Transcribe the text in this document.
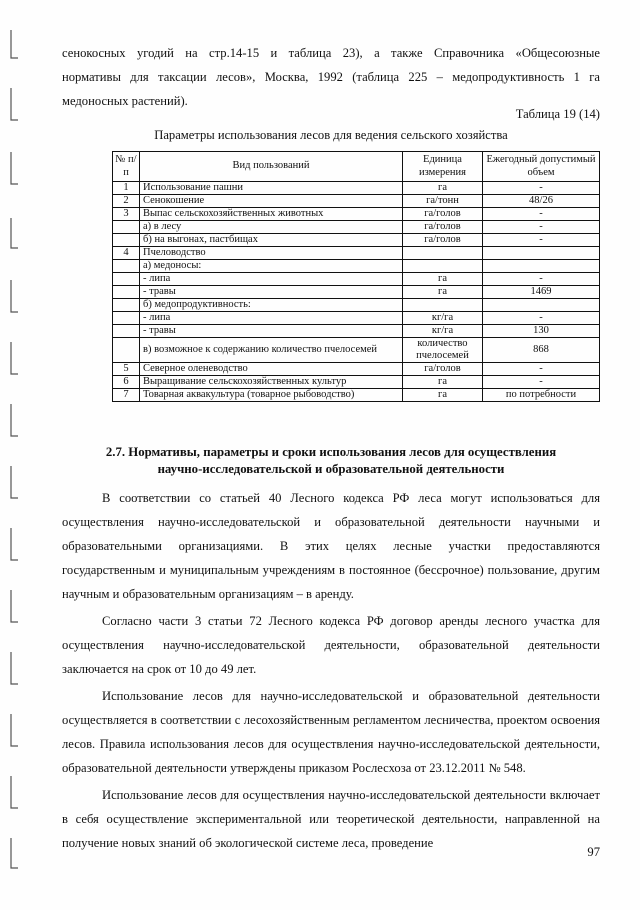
сенокосных угодий на стр.14-15 и таблица 23), а также Справочника «Общесоюзные

нормативы для таксации лесов», Москва, 1992 (таблица 225 – медопродуктивность 1 га

медоносных растений).

Таблица 19 (14)
Параметры использования лесов для ведения сельского хозяйства
№ п/п	Вид пользований	Единица измерения	Ежегодный допустимый объем
1	Использование пашни	га	-
2	Сенокошение	га/тонн	48/26
3	Выпас сельскохозяйственных животных	га/голов	-
	а) в лесу	га/голов	-
	б) на выгонах, пастбищах	га/голов	-
4	Пчеловодство		
	а) медоносы:		
	- липа	га	-
	- травы	га	1469
	б) медопродуктивность:		
	- липа	кг/га	-
	- травы	кг/га	130
	в) возможное к содержанию количество пчелосемей	количество пчелосемей	868
5	Северное оленеводство	га/голов	-
6	Выращивание сельскохозяйственных культур	га	-
7	Товарная аквакультура (товарное рыбоводство)	га	по потребности
2.7. Нормативы, параметры и сроки использования лесов для осуществления
научно-исследовательской и образовательной деятельности

В соответствии со статьей 40 Лесного кодекса РФ леса могут использоваться для осуществления научно-исследовательской и образовательной деятельности научными и образовательными организациями. В этих целях лесные участки предоставляются государственным и муниципальным учреждениям в постоянное (бессрочное) пользование, другим научным и образовательным организациям – в аренду.

Согласно части 3 статьи 72 Лесного кодекса РФ договор аренды лесного участка для осуществления научно-исследовательской деятельности, образовательной деятельности заключается на срок от 10 до 49 лет.

Использование лесов для научно-исследовательской и образовательной деятельности осуществляется в соответствии с лесохозяйственным регламентом лесничества, проектом освоения лесов. Правила использования лесов для осуществления научно-исследовательской деятельности, образовательной деятельности утверждены приказом Рослесхоза от 23.12.2011 № 548.

Использование лесов для осуществления научно-исследовательской деятельности включает в себя осуществление экспериментальной или теоретической деятельности, направленной на получение новых знаний об экологической системе леса, проведение

97
